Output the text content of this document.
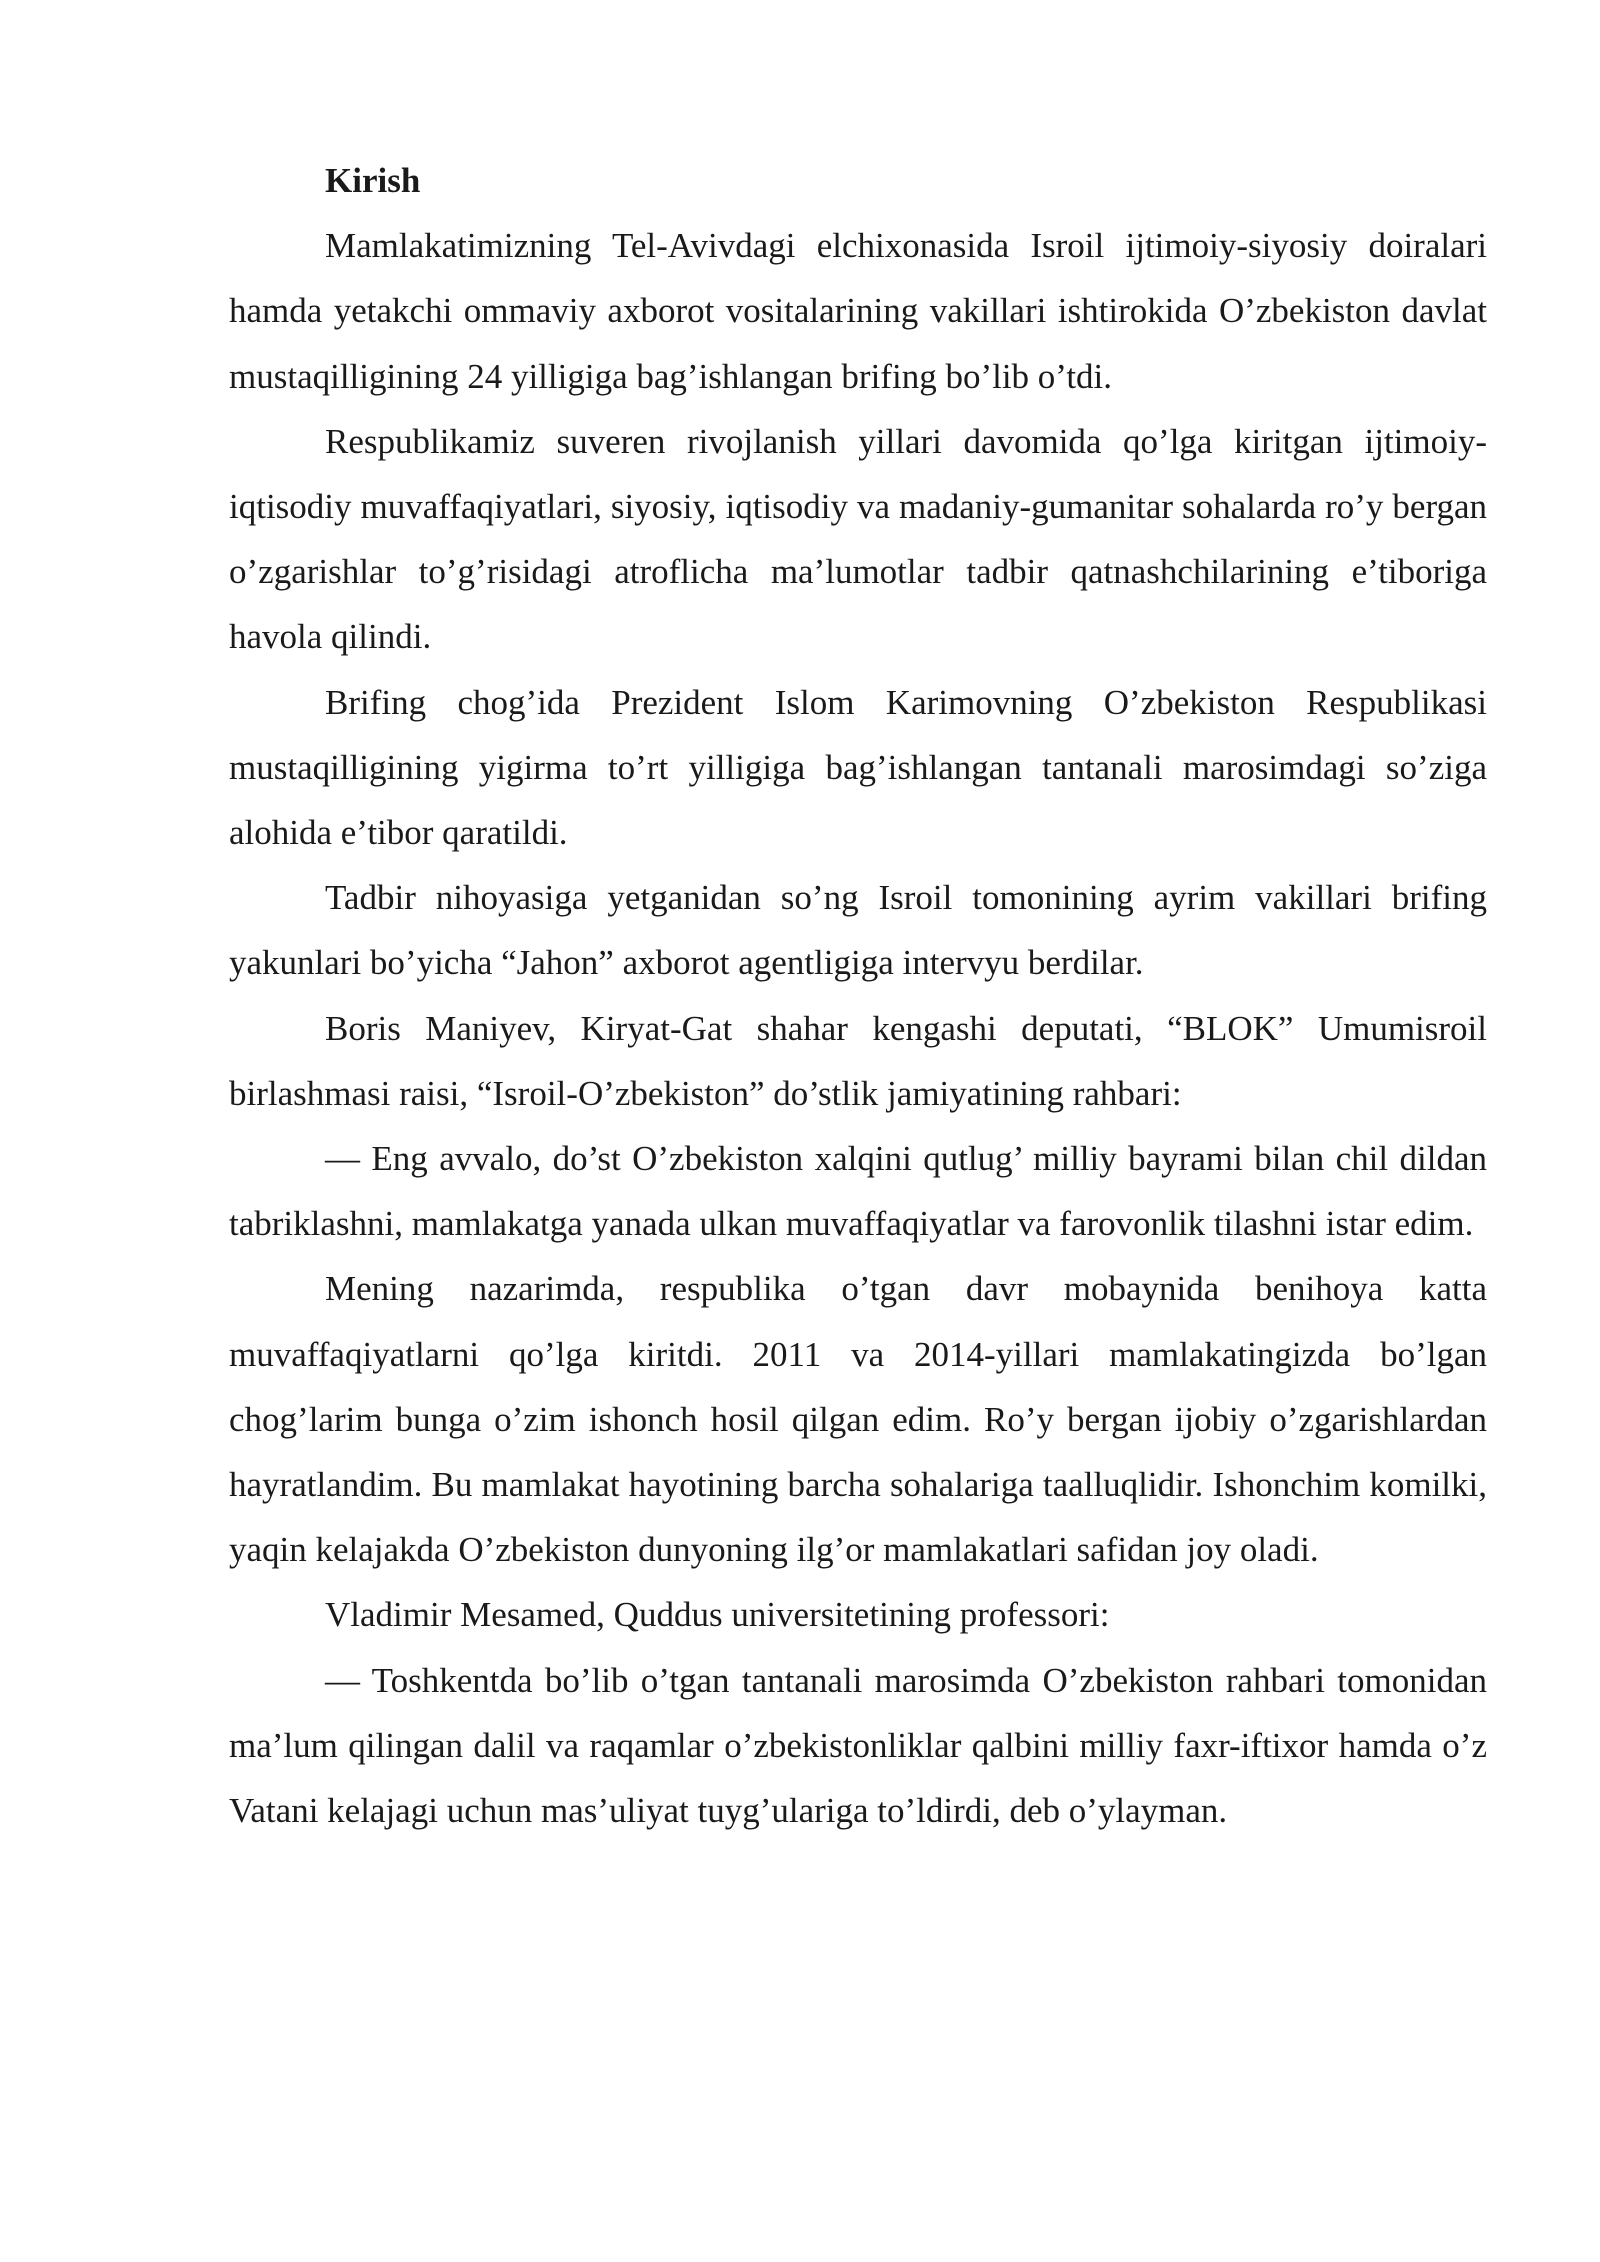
Kirish

Mamlakatimizning Tel-Avivdagi elchixonasida Isroil ijtimoiy-siyosiy doiralari hamda yetakchi ommaviy axborot vositalarining vakillari ishtirokida O’zbekiston davlat mustaqilligining 24 yilligiga bag’ishlangan brifing bo’lib o’tdi.

Respublikamiz suveren rivojlanish yillari davomida qo’lga kiritgan ijtimoiy-iqtisodiy muvaffaqiyatlari, siyosiy, iqtisodiy va madaniy-gumanitar sohalarda ro’y bergan o’zgarishlar to’g’risidagi atroflicha ma’lumotlar tadbir qatnashchilarining e’tiboriga havola qilindi.

Brifing chog’ida Prezident Islom Karimovning O’zbekiston Respublikasi mustaqilligining yigirma to’rt yilligiga bag’ishlangan tantanali marosimdagi so’ziga alohida e’tibor qaratildi.

Tadbir nihoyasiga yetganidan so’ng Isroil tomonining ayrim vakillari brifing yakunlari bo’yicha “Jahon” axborot agentligiga intervyu berdilar.

Boris Maniyev, Kiryat-Gat shahar kengashi deputati, “BLOK” Umumisroil birlashmasi raisi, “Isroil-O’zbekiston” do’stlik jamiyatining rahbari:

— Eng avvalo, do’st O’zbekiston xalqini qutlug’ milliy bayrami bilan chil dildan tabriklashni, mamlakatga yanada ulkan muvaffaqiyatlar va farovonlik tilashni istar edim.

Mening nazarimda, respublika o’tgan davr mobaynida benihoya katta muvaffaqiyatlarni qo’lga kiritdi. 2011 va 2014-yillari mamlakatingizda bo’lgan chog’larim bunga o’zim ishonch hosil qilgan edim. Ro’y bergan ijobiy o’zgarishlardan hayratlandim. Bu mamlakat hayotining barcha sohalariga taalluqlidir. Ishonchim komilki, yaqin kelajakda O’zbekiston dunyoning ilg’or mamlakatlari safidan joy oladi.

Vladimir Mesamed, Quddus universitetining professori:

— Toshkentda bo’lib o’tgan tantanali marosimda O’zbekiston rahbari tomonidan ma’lum qilingan dalil va raqamlar o’zbekistonliklar qalbini milliy faxr-iftixor hamda o’z Vatani kelajagi uchun mas’uliyat tuyg’ulariga to’ldirdi, deb o’ylayman.
